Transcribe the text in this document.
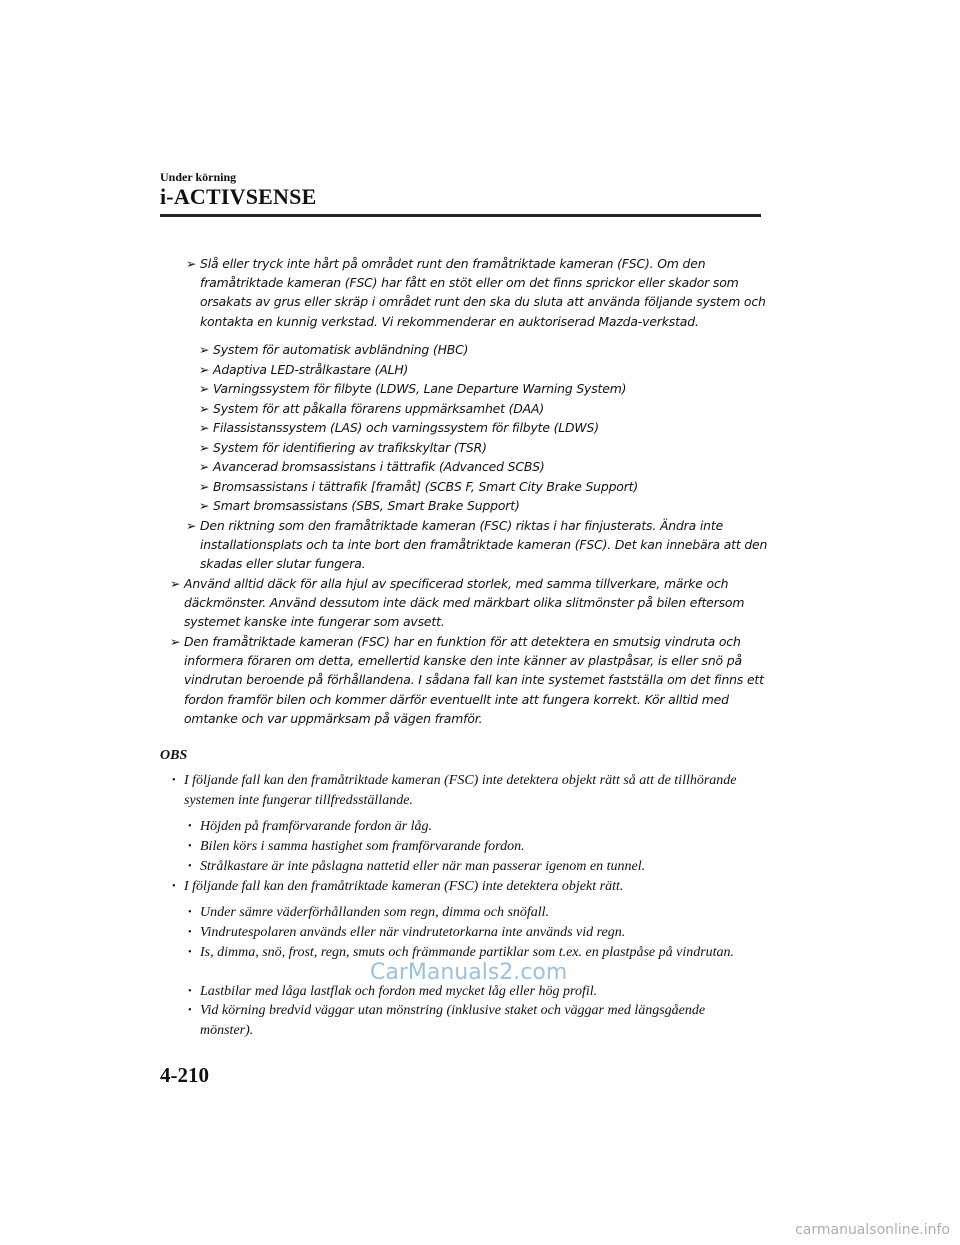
Under körning
i-ACTIVSENSE
➢ Slå eller tryck inte hårt på området runt den framåtriktade kameran (FSC). Om den framåtriktade kameran (FSC) har fått en stöt eller om det finns sprickor eller skador som orsakats av grus eller skräp i området runt den ska du sluta att använda följande system och kontakta en kunnig verkstad. Vi rekommenderar en auktoriserad Mazda-verkstad.
➢ System för automatisk avbländning (HBC)
➢ Adaptiva LED-strålkastare (ALH)
➢ Varningssystem för filbyte (LDWS, Lane Departure Warning System)
➢ System för att påkalla förarens uppmärksamhet (DAA)
➢ Filassistanssystem (LAS) och varningssystem för filbyte (LDWS)
➢ System för identifiering av trafikskyltar (TSR)
➢ Avancerad bromsassistans i tättrafik (Advanced SCBS)
➢ Bromsassistans i tättrafik [framåt] (SCBS F, Smart City Brake Support)
➢ Smart bromsassistans (SBS, Smart Brake Support)
➢ Den riktning som den framåtriktade kameran (FSC) riktas i har finjusterats. Ändra inte installationsplats och ta inte bort den framåtriktade kameran (FSC). Det kan innebära att den skadas eller slutar fungera.
➢ Använd alltid däck för alla hjul av specificerad storlek, med samma tillverkare, märke och däckmönster. Använd dessutom inte däck med märkbart olika slitmönster på bilen eftersom systemet kanske inte fungerar som avsett.
➢ Den framåtriktade kameran (FSC) har en funktion för att detektera en smutsig vindruta och informera föraren om detta, emellertid kanske den inte känner av plastpåsar, is eller snö på vindrutan beroende på förhållandena. I sådana fall kan inte systemet fastställa om det finns ett fordon framför bilen och kommer därför eventuellt inte att fungera korrekt. Kör alltid med omtanke och var uppmärksam på vägen framför.
OBS
• I följande fall kan den framåtriktade kameran (FSC) inte detektera objekt rätt så att de tillhörande systemen inte fungerar tillfredsställande.
• Höjden på framförvarande fordon är låg.
• Bilen körs i samma hastighet som framförvarande fordon.
• Strålkastare är inte påslagna nattetid eller när man passerar igenom en tunnel.
• I följande fall kan den framåtriktade kameran (FSC) inte detektera objekt rätt.
• Under sämre väderförhållanden som regn, dimma och snöfall.
• Vindrutespolaren används eller när vindrutetorkarna inte används vid regn.
• Is, dimma, snö, frost, regn, smuts och främmande partiklar som t.ex. en plastpåse på vindrutan.
• Lastbilar med låga lastflak och fordon med mycket låg eller hög profil.
• Vid körning bredvid väggar utan mönstring (inklusive staket och väggar med längsgående mönster).
CarManuals2.com
4-210
carmanualsonline.info
